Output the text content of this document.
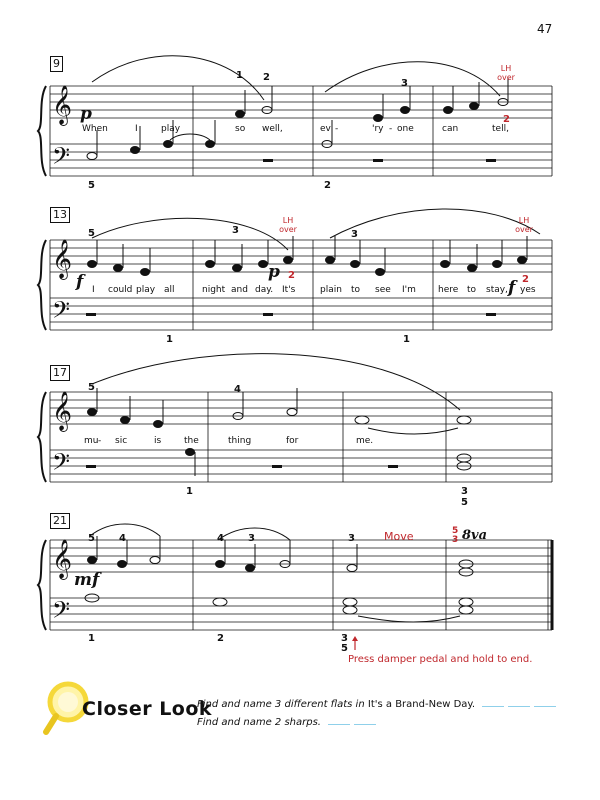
47
𝄞
𝄢
𝄞
𝄢
𝄞
𝄢
𝄞
𝄢
9
13
17
21
p
When	I	play	so well,	ev -	'ry - one	can	tell,
1 2
3
2
5	2
LH
over
f	p
f
I could play all	night and day. It's	plain to see I'm here to stay, yes
5	3
2
3
2
1	1
LH
over
LH
over
mu - sic	is	the	thing	for	me.
5	4
1	3
5
mf
5 4	4 3	3
1	2	3
5
Move	5
3 8va
Press damper pedal and hold to end.
Closer Look
Find and name 3 different flats in It's a Brand-New Day.
Find and name 2 sharps.
